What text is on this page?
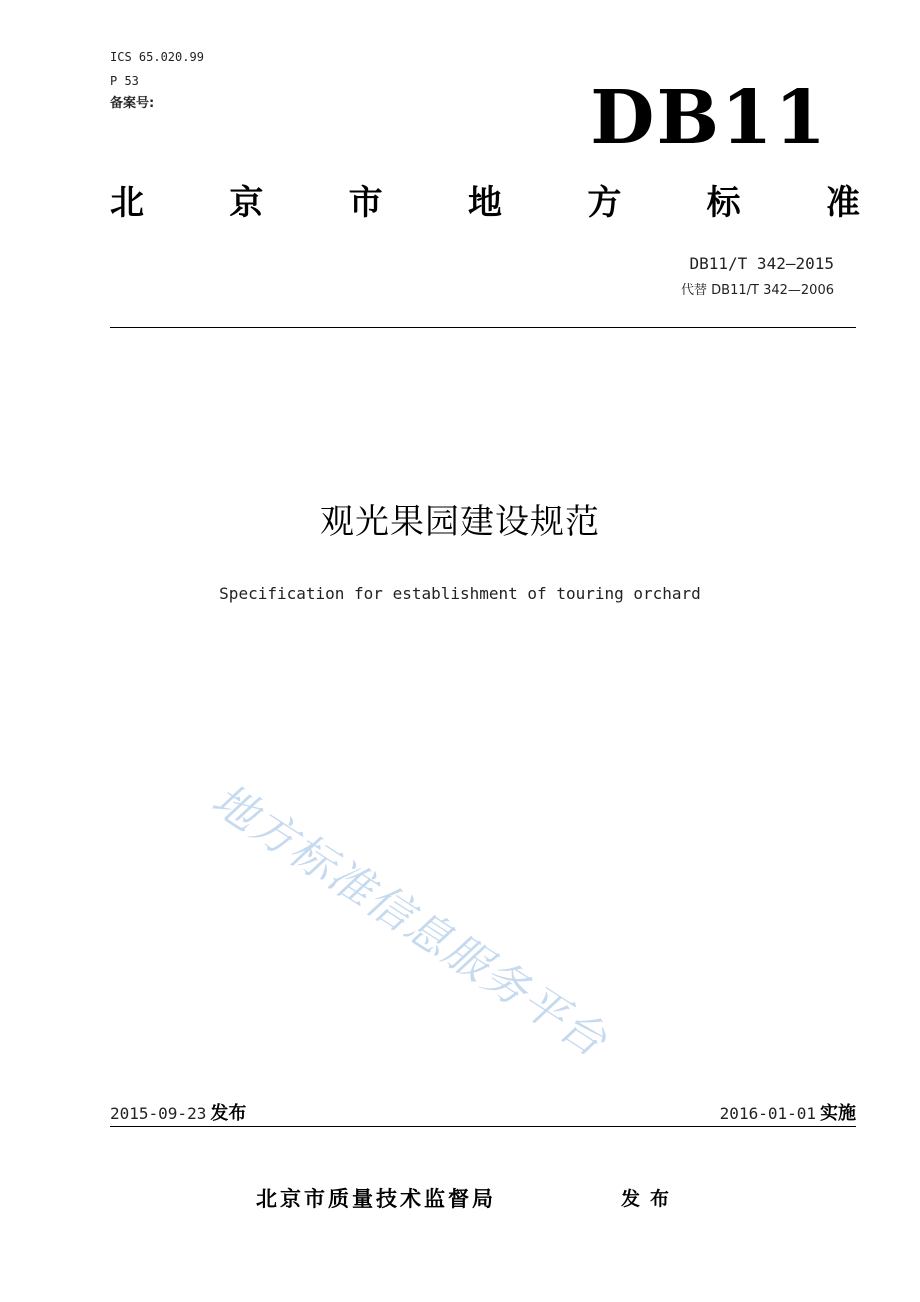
ICS 65.020.99
P 53
备案号:	DB11
北	京	市	地	方	标	准
DB11/T 342—2015
代替 DB11/T 342—2006
观光果园建设规范
Specification for establishment of touring orchard
地方标准信息服务平台
2015-09-23 发布	2016-01-01 实施
北京市质量技术监督局	发布
